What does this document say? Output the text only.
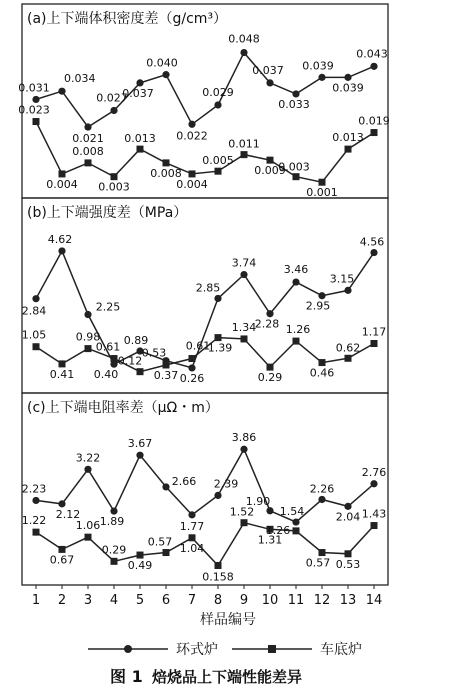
(a)上下端体积密度差（g/cm³）
0.031
0.034
0.021
0.027
0.037
0.040
0.022
0.029
0.048
0.037
0.033
0.039
0.039
0.043
0.023
0.004
0.008
0.003
0.013
0.008
0.004
0.005
0.011
0.009
0.003
0.001
0.013
0.019
(b)上下端强度差（MPa）
2.84
4.62
2.25
0.40
0.89
0.53
0.26
2.85
3.74
2.28
3.46
2.95
3.15
4.56
1.05
0.41
0.98
0.61
0.12
0.37
0.61
1.39
1.34
0.29
1.26
0.46
0.62
1.17
(c)上下端电阻率差（μΩ・m）
2.23
2.12
3.22
1.89
3.67
2.66
1.77
2.39
3.86
1.90
1.54
2.26
2.04
2.76
1.22
0.67
1.06
0.29
0.49
0.57 1.04
0.158
1.52
1.31
1.26
0.57 0.53
1.43
1 2 3 4 5 6 7 8 9 10 11 12 13 14
样品编号
环式炉	车底炉
图 1 焙烧品上下端性能差异
